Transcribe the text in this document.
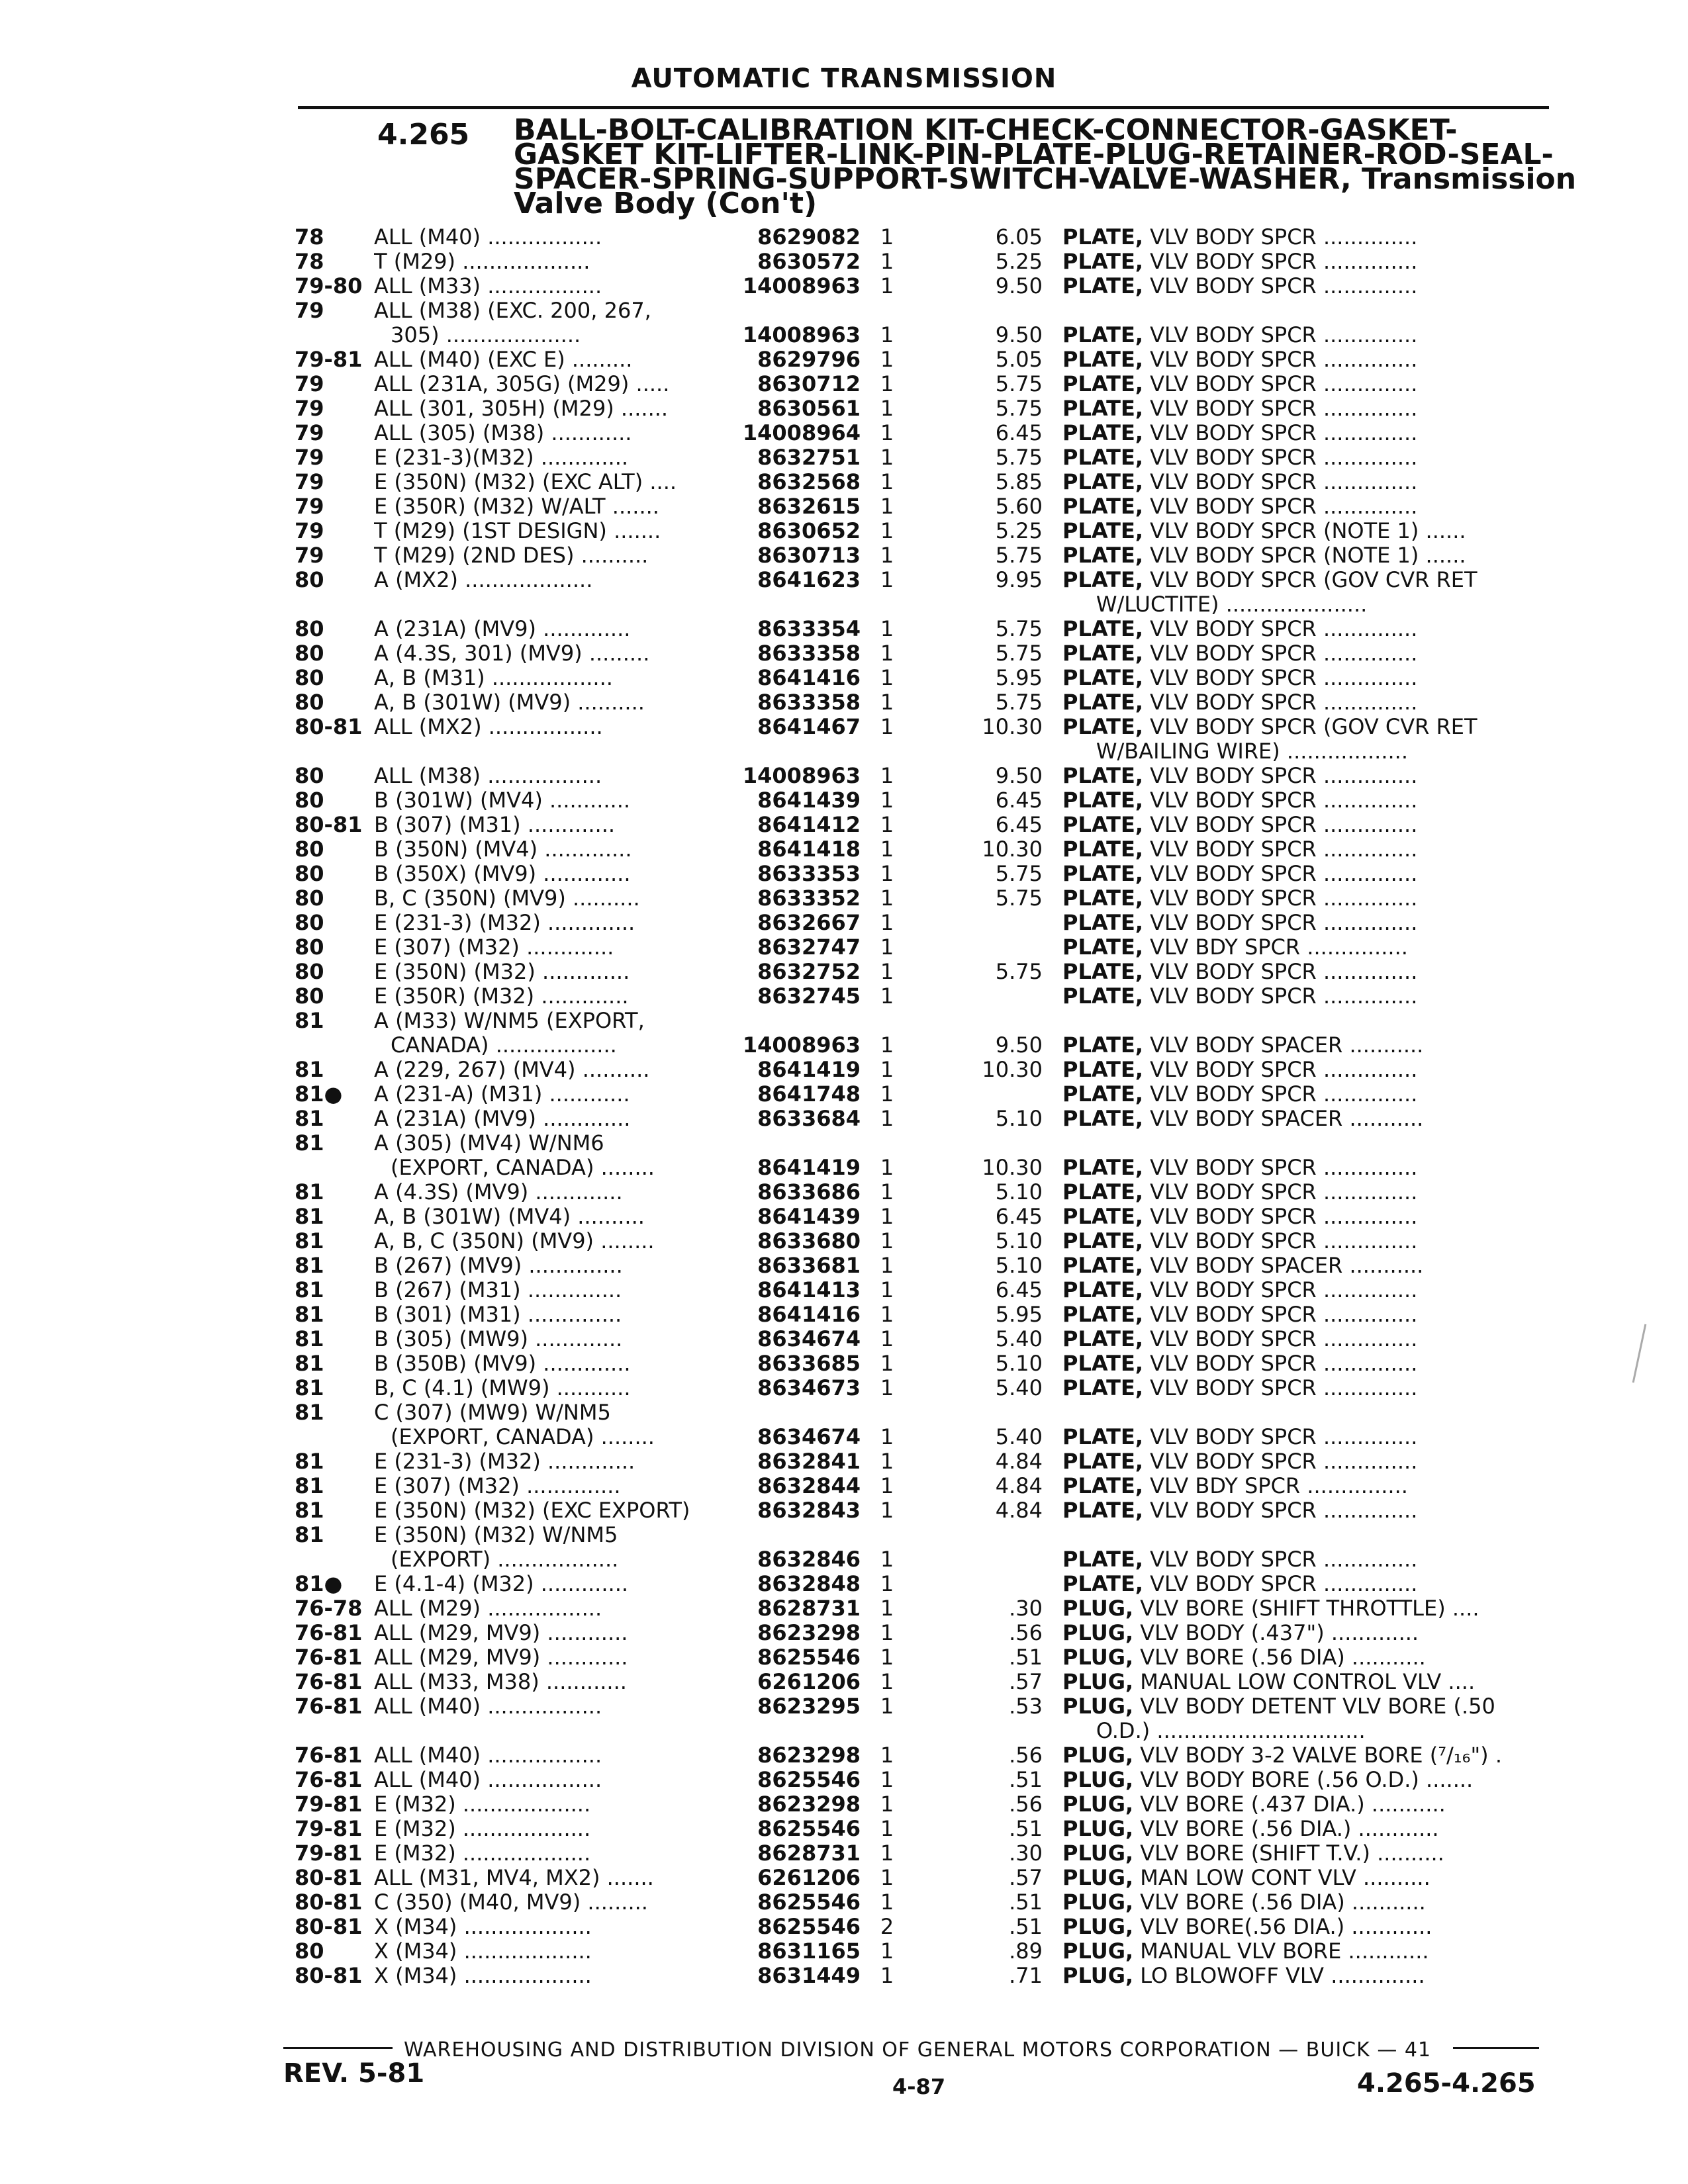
AUTOMATIC TRANSMISSION
4.265 BALL-BOLT-CALIBRATION KIT-CHECK-CONNECTOR-GASKET-
GASKET KIT-LIFTER-LINK-PIN-PLATE-PLUG-RETAINER-ROD-SEAL-
SPACER-SPRING-SUPPORT-SWITCH-VALVE-WASHER, Transmission
Valve Body (Con't)
78	ALL (M40) .................	8629082 1	6.05 PLATE, VLV BODY SPCR ..............
78	T (M29) ...................	8630572 1	5.25 PLATE, VLV BODY SPCR ..............
79-80 ALL (M33) .................	14008963 1	9.50 PLATE, VLV BODY SPCR ..............
79	ALL (M38) (EXC. 200, 267,
305) ....................	14008963 1	9.50 PLATE, VLV BODY SPCR ..............
79-81 ALL (M40) (EXC E) .........	8629796 1	5.05 PLATE, VLV BODY SPCR ..............
79	ALL (231A, 305G) (M29) .....	8630712 1	5.75 PLATE, VLV BODY SPCR ..............
79	ALL (301, 305H) (M29) .......	8630561 1	5.75 PLATE, VLV BODY SPCR ..............
79	ALL (305) (M38) ............	14008964 1	6.45 PLATE, VLV BODY SPCR ..............
79	E (231-3)(M32) .............	8632751 1	5.75 PLATE, VLV BODY SPCR ..............
79	E (350N) (M32) (EXC ALT) ....	8632568 1	5.85 PLATE, VLV BODY SPCR ..............
79	E (350R) (M32) W/ALT .......	8632615 1	5.60 PLATE, VLV BODY SPCR ..............
79	T (M29) (1ST DESIGN) .......	8630652 1	5.25 PLATE, VLV BODY SPCR (NOTE 1) ......
79	T (M29) (2ND DES) ..........	8630713 1	5.75 PLATE, VLV BODY SPCR (NOTE 1) ......
80	A (MX2) ...................	8641623 1	9.95 PLATE, VLV BODY SPCR (GOV CVR RET
W/LUCTITE) .....................
80	A (231A) (MV9) .............	8633354 1	5.75 PLATE, VLV BODY SPCR ..............
80	A (4.3S, 301) (MV9) .........	8633358 1	5.75 PLATE, VLV BODY SPCR ..............
80	A, B (M31) ..................	8641416 1	5.95 PLATE, VLV BODY SPCR ..............
80	A, B (301W) (MV9) ..........	8633358 1	5.75 PLATE, VLV BODY SPCR ..............
80-81 ALL (MX2) .................	8641467 1	10.30 PLATE, VLV BODY SPCR (GOV CVR RET
W/BAILING WIRE) ..................
80	ALL (M38) .................	14008963 1	9.50 PLATE, VLV BODY SPCR ..............
80	B (301W) (MV4) ............	8641439 1	6.45 PLATE, VLV BODY SPCR ..............
80-81 B (307) (M31) .............	8641412 1	6.45 PLATE, VLV BODY SPCR ..............
80	B (350N) (MV4) .............	8641418 1	10.30 PLATE, VLV BODY SPCR ..............
80	B (350X) (MV9) .............	8633353 1	5.75 PLATE, VLV BODY SPCR ..............
80	B, C (350N) (MV9) ..........	8633352 1	5.75 PLATE, VLV BODY SPCR ..............
80	E (231-3) (M32) .............	8632667 1	PLATE, VLV BODY SPCR ..............
80	E (307) (M32) .............	8632747 1	PLATE, VLV BDY SPCR ...............
80	E (350N) (M32) .............	8632752 1	5.75 PLATE, VLV BODY SPCR ..............
80	E (350R) (M32) .............	8632745 1	PLATE, VLV BODY SPCR ..............
81	A (M33) W/NM5 (EXPORT,
CANADA) ..................	14008963 1	9.50 PLATE, VLV BODY SPACER ...........
81	A (229, 267) (MV4) ..........	8641419 1	10.30 PLATE, VLV BODY SPCR ..............
81●	A (231-A) (M31) ............	8641748 1	PLATE, VLV BODY SPCR ..............
81	A (231A) (MV9) .............	8633684 1	5.10 PLATE, VLV BODY SPACER ...........
81	A (305) (MV4) W/NM6
(EXPORT, CANADA) ........	8641419 1	10.30 PLATE, VLV BODY SPCR ..............
81	A (4.3S) (MV9) .............	8633686 1	5.10 PLATE, VLV BODY SPCR ..............
81	A, B (301W) (MV4) ..........	8641439 1	6.45 PLATE, VLV BODY SPCR ..............
81	A, B, C (350N) (MV9) ........	8633680 1	5.10 PLATE, VLV BODY SPCR ..............
81	B (267) (MV9) ..............	8633681 1	5.10 PLATE, VLV BODY SPACER ...........
81	B (267) (M31) ..............	8641413 1	6.45 PLATE, VLV BODY SPCR ..............
81	B (301) (M31) ..............	8641416 1	5.95 PLATE, VLV BODY SPCR ..............
81	B (305) (MW9) .............	8634674 1	5.40 PLATE, VLV BODY SPCR ..............
81	B (350B) (MV9) .............	8633685 1	5.10 PLATE, VLV BODY SPCR ..............
81	B, C (4.1) (MW9) ...........	8634673 1	5.40 PLATE, VLV BODY SPCR ..............
81	C (307) (MW9) W/NM5
(EXPORT, CANADA) ........	8634674 1	5.40 PLATE, VLV BODY SPCR ..............
81	E (231-3) (M32) .............	8632841 1	4.84 PLATE, VLV BODY SPCR ..............
81	E (307) (M32) ..............	8632844 1	4.84 PLATE, VLV BDY SPCR ...............
81	E (350N) (M32) (EXC EXPORT)	8632843 1	4.84 PLATE, VLV BODY SPCR ..............
81	E (350N) (M32) W/NM5
(EXPORT) ..................	8632846 1	PLATE, VLV BODY SPCR ..............
81●	E (4.1-4) (M32) .............	8632848 1	PLATE, VLV BODY SPCR ..............
76-78 ALL (M29) .................	8628731 1	.30 PLUG, VLV BORE (SHIFT THROTTLE) ....
76-81 ALL (M29, MV9) ............	8623298 1	.56 PLUG, VLV BODY (.437") .............
76-81 ALL (M29, MV9) ............	8625546 1	.51 PLUG, VLV BORE (.56 DIA) ...........
76-81 ALL (M33, M38) ............	6261206 1	.57 PLUG, MANUAL LOW CONTROL VLV ....
76-81 ALL (M40) .................	8623295 1	.53 PLUG, VLV BODY DETENT VLV BORE (.50
O.D.) ...............................
76-81 ALL (M40) .................	8623298 1	.56 PLUG, VLV BODY 3-2 VALVE BORE (⁷/₁₆") .
76-81 ALL (M40) .................	8625546 1	.51 PLUG, VLV BODY BORE (.56 O.D.) .......
79-81 E (M32) ...................	8623298 1	.56 PLUG, VLV BORE (.437 DIA.) ...........
79-81 E (M32) ...................	8625546 1	.51 PLUG, VLV BORE (.56 DIA.) ............
79-81 E (M32) ...................	8628731 1	.30 PLUG, VLV BORE (SHIFT T.V.) ..........
80-81 ALL (M31, MV4, MX2) .......	6261206 1	.57 PLUG, MAN LOW CONT VLV ..........
80-81 C (350) (M40, MV9) .........	8625546 1	.51 PLUG, VLV BORE (.56 DIA) ...........
80-81 X (M34) ...................	8625546 2	.51 PLUG, VLV BORE(.56 DIA.) ............
80	X (M34) ...................	8631165 1	.89 PLUG, MANUAL VLV BORE ............
80-81 X (M34) ...................	8631449 1	.71 PLUG, LO BLOWOFF VLV ..............
WAREHOUSING AND DISTRIBUTION DIVISION OF GENERAL MOTORS CORPORATION — BUICK — 41
REV. 5-81	4-87	4.265-4.265
